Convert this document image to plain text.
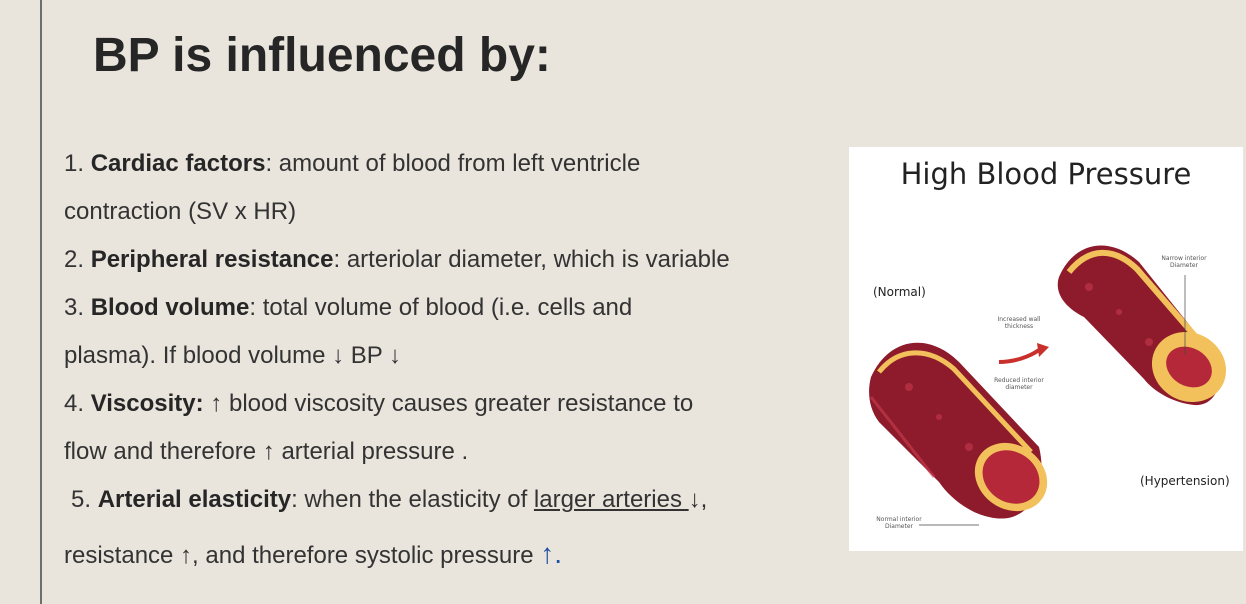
BP is influenced by:
1. Cardiac factors: amount of blood from left ventricle
contraction (SV x HR)
2. Peripheral resistance: arteriolar diameter, which is variable
3. Blood volume: total volume of blood (i.e. cells and
plasma). If blood volume ↓ BP ↓
4. Viscosity: ↑ blood viscosity causes greater resistance to
flow and therefore ↑ arterial pressure .
5. Arterial elasticity: when the elasticity of larger arteries ↓,
resistance ↑, and therefore systolic pressure ↑.
High Blood Pressure
(Normal)
(Hypertension)
Increased wall thickness
Reduced interior diameter
Narrow interior Diameter
Normal interior Diameter
